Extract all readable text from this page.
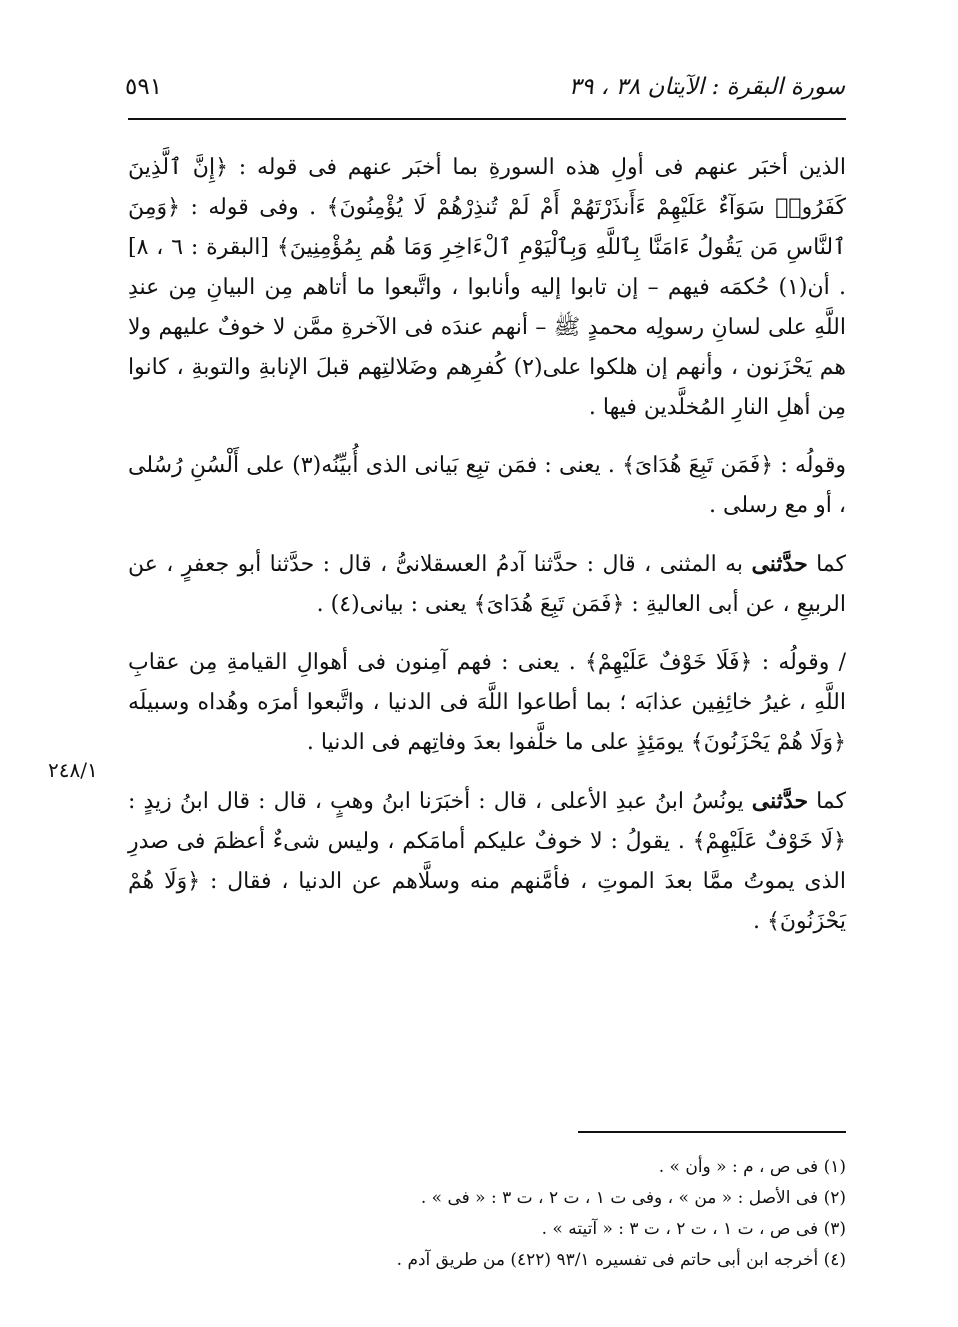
سورة البقرة : الآيتان ٣٨ ، ٣٩
٥٩١
٢٤٨/١

الذين أخبَر عنهم فى أولِ هذه السورةِ بما أخبَر عنهم فى قوله : ﴿إِنَّ ٱلَّذِينَ كَفَرُوا۟ سَوَآءٌ عَلَيْهِمْ ءَأَنذَرْتَهُمْ أَمْ لَمْ تُنذِرْهُمْ لَا يُؤْمِنُونَ﴾ . وفى قوله : ﴿وَمِنَ ٱلنَّاسِ مَن يَقُولُ ءَامَنَّا بِٱللَّهِ وَبِٱلْيَوْمِ ٱلْءَاخِرِ وَمَا هُم بِمُؤْمِنِينَ﴾ [البقرة : ٦ ، ٨] . أن(١) حُكمَه فيهم – إن تابوا إليه وأنابوا ، واتَّبعوا ما أتاهم مِن البيانِ مِن عندِ اللَّهِ على لسانِ رسولِه محمدٍ ﷺ – أنهم عندَه فى الآخرةِ ممَّن لا خوفٌ عليهم ولا هم يَحْزَنون ، وأنهم إن هلكوا على(٢) كُفرِهم وضَلالتِهم قبلَ الإنابةِ والتوبةِ ، كانوا مِن أهلِ النارِ المُخلَّدين فيها .

وقولُه : ﴿فَمَن تَبِعَ هُدَاىَ﴾ . يعنى : فمَن تبِع بَيانى الذى أُبيِّنُه(٣) على أَلْسُنِ رُسُلى ، أو مع رسلى .

كما حدَّثنى به المثنى ، قال : حدَّثنا آدمُ العسقلانىُّ ، قال : حدَّثنا أبو جعفرٍ ، عن الربيعِ ، عن أبى العاليةِ : ﴿فَمَن تَبِعَ هُدَاىَ﴾ يعنى : بيانى(٤) .

/ وقولُه : ﴿فَلَا خَوْفٌ عَلَيْهِمْ﴾ . يعنى : فهم آمِنون فى أهوالِ القيامةِ مِن عقابِ اللَّهِ ، غيرُ خائِفِين عذابَه ؛ بما أطاعوا اللَّهَ فى الدنيا ، واتَّبعوا أمرَه وهُداه وسبيلَه ﴿وَلَا هُمْ يَحْزَنُونَ﴾ يومَئِذٍ على ما خلَّفوا بعدَ وفاتِهم فى الدنيا .

كما حدَّثنى يونُسُ ابنُ عبدِ الأعلى ، قال : أخبَرَنا ابنُ وهبٍ ، قال : قال ابنُ زيدٍ : ﴿لَا خَوْفٌ عَلَيْهِمْ﴾ . يقولُ : لا خوفٌ عليكم أمامَكم ، وليس شىءٌ أعظمَ فى صدرِ الذى يموتُ ممَّا بعدَ الموتِ ، فأمَّنهم منه وسلَّاهم عن الدنيا ، فقال : ﴿وَلَا هُمْ يَحْزَنُونَ﴾ .

(١) فى ص ، م : « وأن » .
(٢) فى الأصل : « من » ، وفى ت ١ ، ت ٢ ، ت ٣ : « فى » .
(٣) فى ص ، ت ١ ، ت ٢ ، ت ٣ : « آتيته » .
(٤) أخرجه ابن أبى حاتم فى تفسيره ٩٣/١ (٤٢٢) من طريق آدم .
